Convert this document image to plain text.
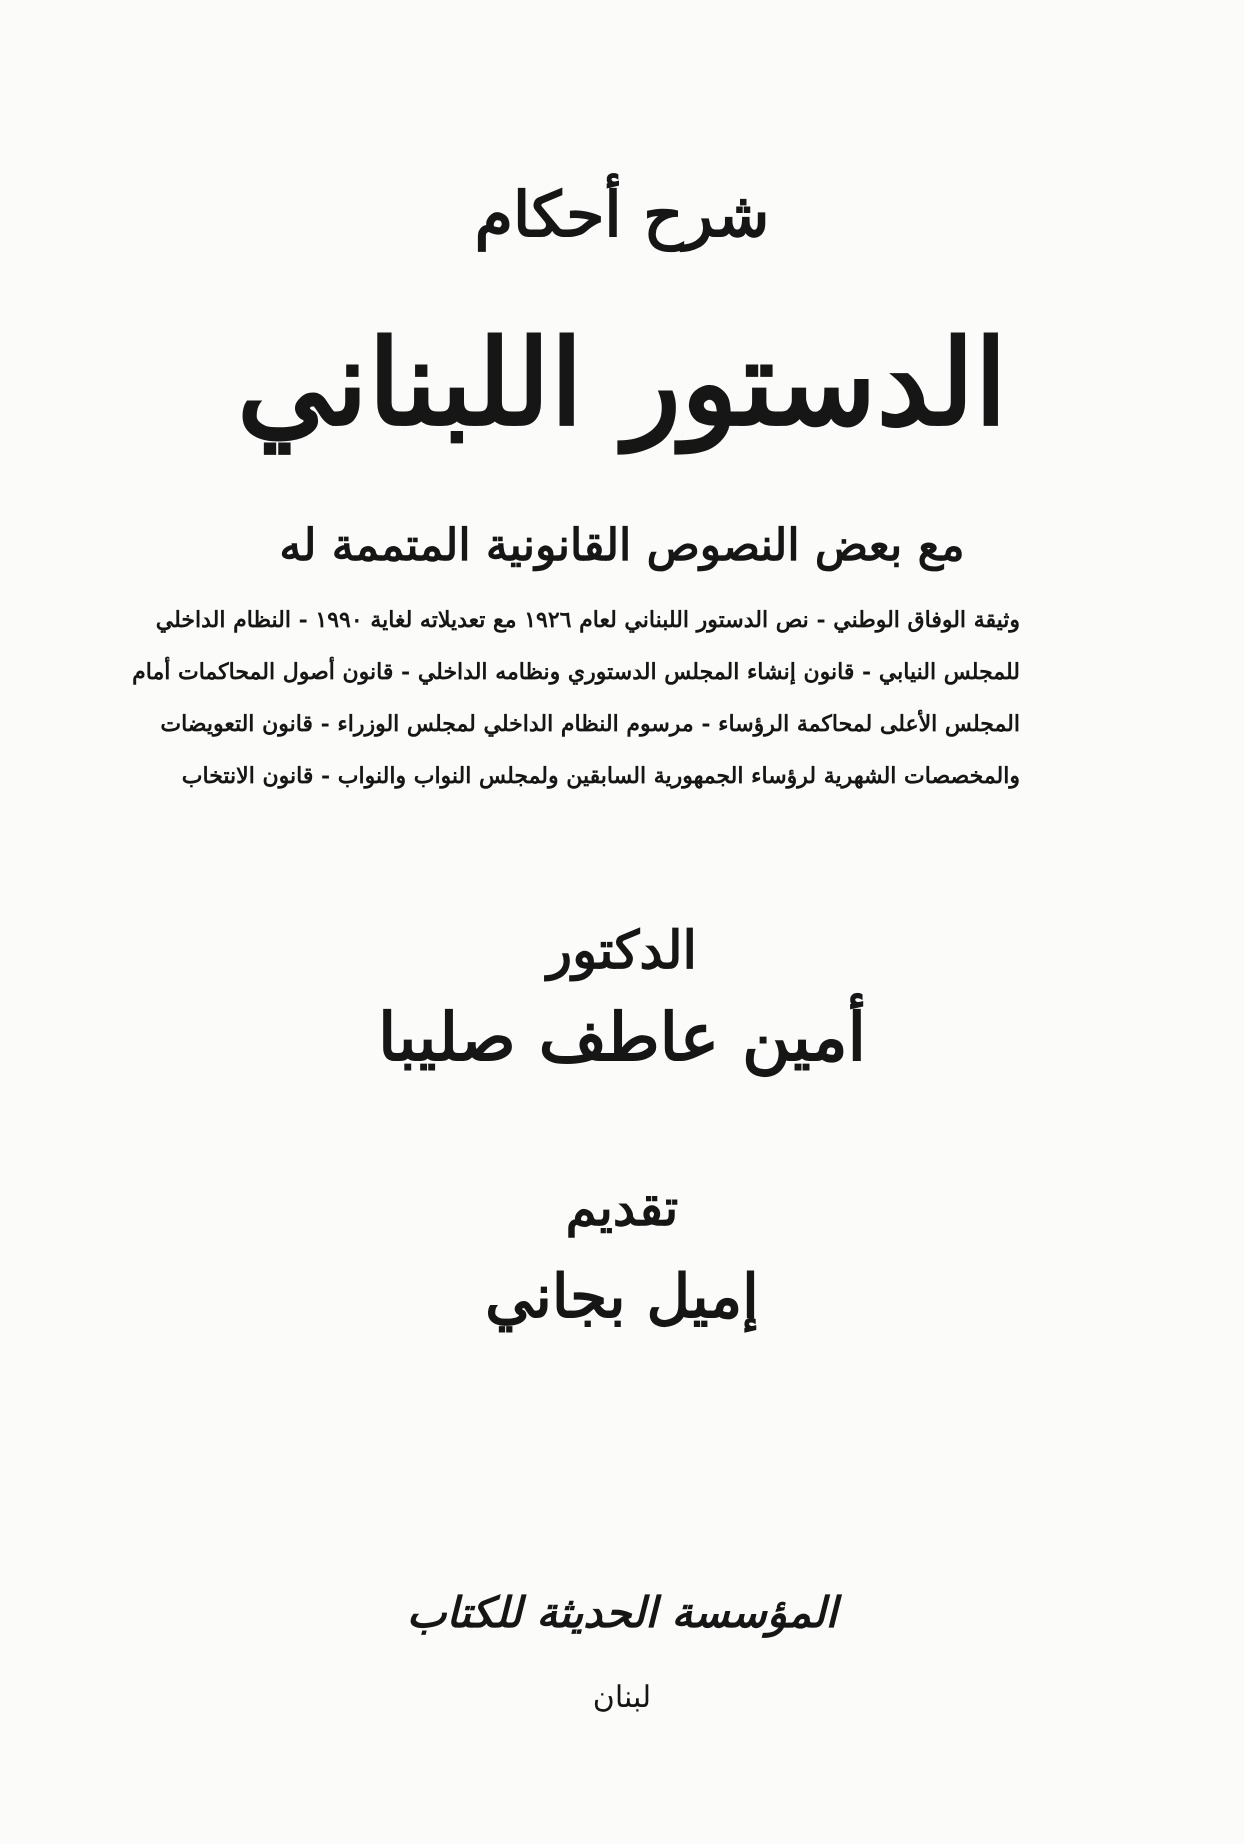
شرح أحكام
الدستور اللبناني
مع بعض النصوص القانونية المتممة له
وثيقة الوفاق الوطني - نص الدستور اللبناني لعام ١٩٢٦ مع تعديلاته لغاية ١٩٩٠ - النظام الداخلي
للمجلس النيابي - قانون إنشاء المجلس الدستوري ونظامه الداخلي - قانون أصول المحاكمات أمام
المجلس الأعلى لمحاكمة الرؤساء - مرسوم النظام الداخلي لمجلس الوزراء - قانون التعويضات
والمخصصات الشهرية لرؤساء الجمهورية السابقين ولمجلس النواب والنواب - قانون الانتخاب
الدكتور
أمين عاطف صليبا
تقديم
إميل بجاني
المؤسسة الحديثة للكتاب
لبنان
